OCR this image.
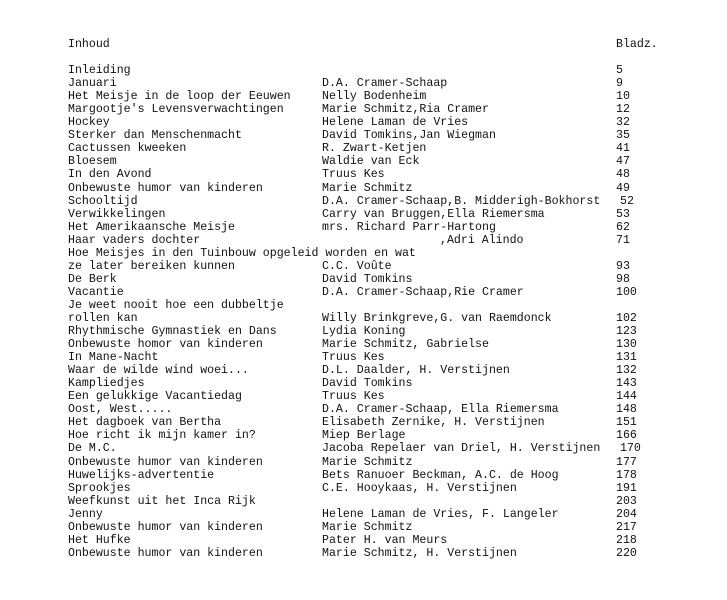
Inhoud

	Bladz.

Inleiding	5
Januari	D.A. Cramer-Schaap	9
Het Meisje in de loop der Eeuwen	Nelly Bodenheim	10
Margootje's Levensverwachtingen	Marie Schmitz,Ria Cramer	12
Hockey	Helene Laman de Vries	32
Sterker dan Menschenmacht	David Tomkins,Jan Wiegman	35
Cactussen kweeken	R. Zwart-Ketjen	41
Bloesem	Waldie van Eck	47
In den Avond	Truus Kes	48
Onbewuste humor van kinderen	Marie Schmitz	49
Schooltijd	D.A. Cramer-Schaap,B. Midderigh-Bokhorst 52
Verwikkelingen	Carry van Bruggen,Ella Riemersma	53
Het Amerikaansche Meisje	mrs. Richard Parr-Hartong	62
Haar vaders dochter	,Adri Alindo	71
Hoe Meisjes in den Tuinbouw opgeleid worden en wat
ze later bereiken kunnen	C.C. Voûte	93
De Berk	David Tomkins	98
Vacantie	D.A. Cramer-Schaap,Rie Cramer	100
Je weet nooit hoe een dubbeltje
rollen kan	Willy Brinkgreve,G. van Raemdonck	102
Rhythmische Gymnastiek en Dans	Lydia Koning	123
Onbewuste homor van kinderen	Marie Schmitz, Gabrielse	130
In Mane-Nacht	Truus Kes	131
Waar de wilde wind woei...	D.L. Daalder, H. Verstijnen	132
Kampliedjes	David Tomkins	143
Een gelukkige Vacantiedag	Truus Kes	144
Oost, West.....	D.A. Cramer-Schaap, Ella Riemersma	148
Het dagboek van Bertha	Elisabeth Zernike, H. Verstijnen	151
Hoe richt ik mijn kamer in?	Miep Berlage	166
De M.C.	Jacoba Repelaer van Driel, H. Verstijnen 170
Onbewuste humor van kinderen	Marie Schmitz	177
Huwelijks-advertentie	Bets Ranuoer Beckman, A.C. de Hoog	178
Sprookjes	C.E. Hooykaas, H. Verstijnen	191
Weefkunst uit het Inca Rijk	203
Jenny	Helene Laman de Vries, F. Langeler	204
Onbewuste humor van kinderen	Marie Schmitz	217
Het Hufke	Pater H. van Meurs	218
Onbewuste humor van kinderen	Marie Schmitz, H. Verstijnen	220
